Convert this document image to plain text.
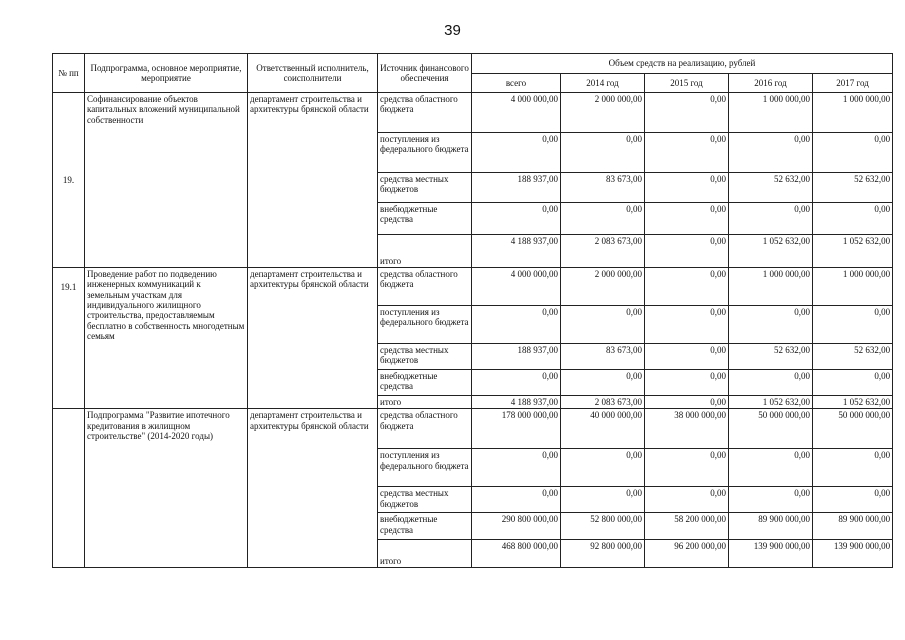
39
№ пп	Подпрограмма, основное мероприятие, мероприятие	Ответственный исполнитель, соисполнители	Источник финансового обеспечения	Объем средств на реализацию, рублей				
				всего	2014 год	2015 год	2016 год	2017 год
19.	Софинансирование объектов капитальных вложений муниципальной собственности	департамент строительства и архитектуры брянской области	средства областного бюджета	4 000 000,00	2 000 000,00	0,00	1 000 000,00	1 000 000,00
			поступления из федерального бюджета	0,00	0,00	0,00	0,00	0,00
			средства местных бюджетов	188 937,00	83 673,00	0,00	52 632,00	52 632,00
			внебюджетные средства	0,00	0,00	0,00	0,00	0,00
			итого	4 188 937,00	2 083 673,00	0,00	1 052 632,00	1 052 632,00
19.1	Проведение работ по подведению инженерных коммуникаций к земельным участкам для индивидуального жилищного строительства, предоставляемым бесплатно в собственность многодетным семьям	департамент строительства и архитектуры брянской области	средства областного бюджета	4 000 000,00	2 000 000,00	0,00	1 000 000,00	1 000 000,00
			поступления из федерального бюджета	0,00	0,00	0,00	0,00	0,00
			средства местных бюджетов	188 937,00	83 673,00	0,00	52 632,00	52 632,00
			внебюджетные средства	0,00	0,00	0,00	0,00	0,00
			итого	4 188 937,00	2 083 673,00	0,00	1 052 632,00	1 052 632,00
	Подпрограмма "Развитие ипотечного кредитования в жилищном строительстве" (2014-2020 годы)	департамент строительства и архитектуры брянской области	средства областного бюджета	178 000 000,00	40 000 000,00	38 000 000,00	50 000 000,00	50 000 000,00
			поступления из федерального бюджета	0,00	0,00	0,00	0,00	0,00
			средства местных бюджетов	0,00	0,00	0,00	0,00	0,00
			внебюджетные средства	290 800 000,00	52 800 000,00	58 200 000,00	89 900 000,00	89 900 000,00
			итого	468 800 000,00	92 800 000,00	96 200 000,00	139 900 000,00	139 900 000,00
